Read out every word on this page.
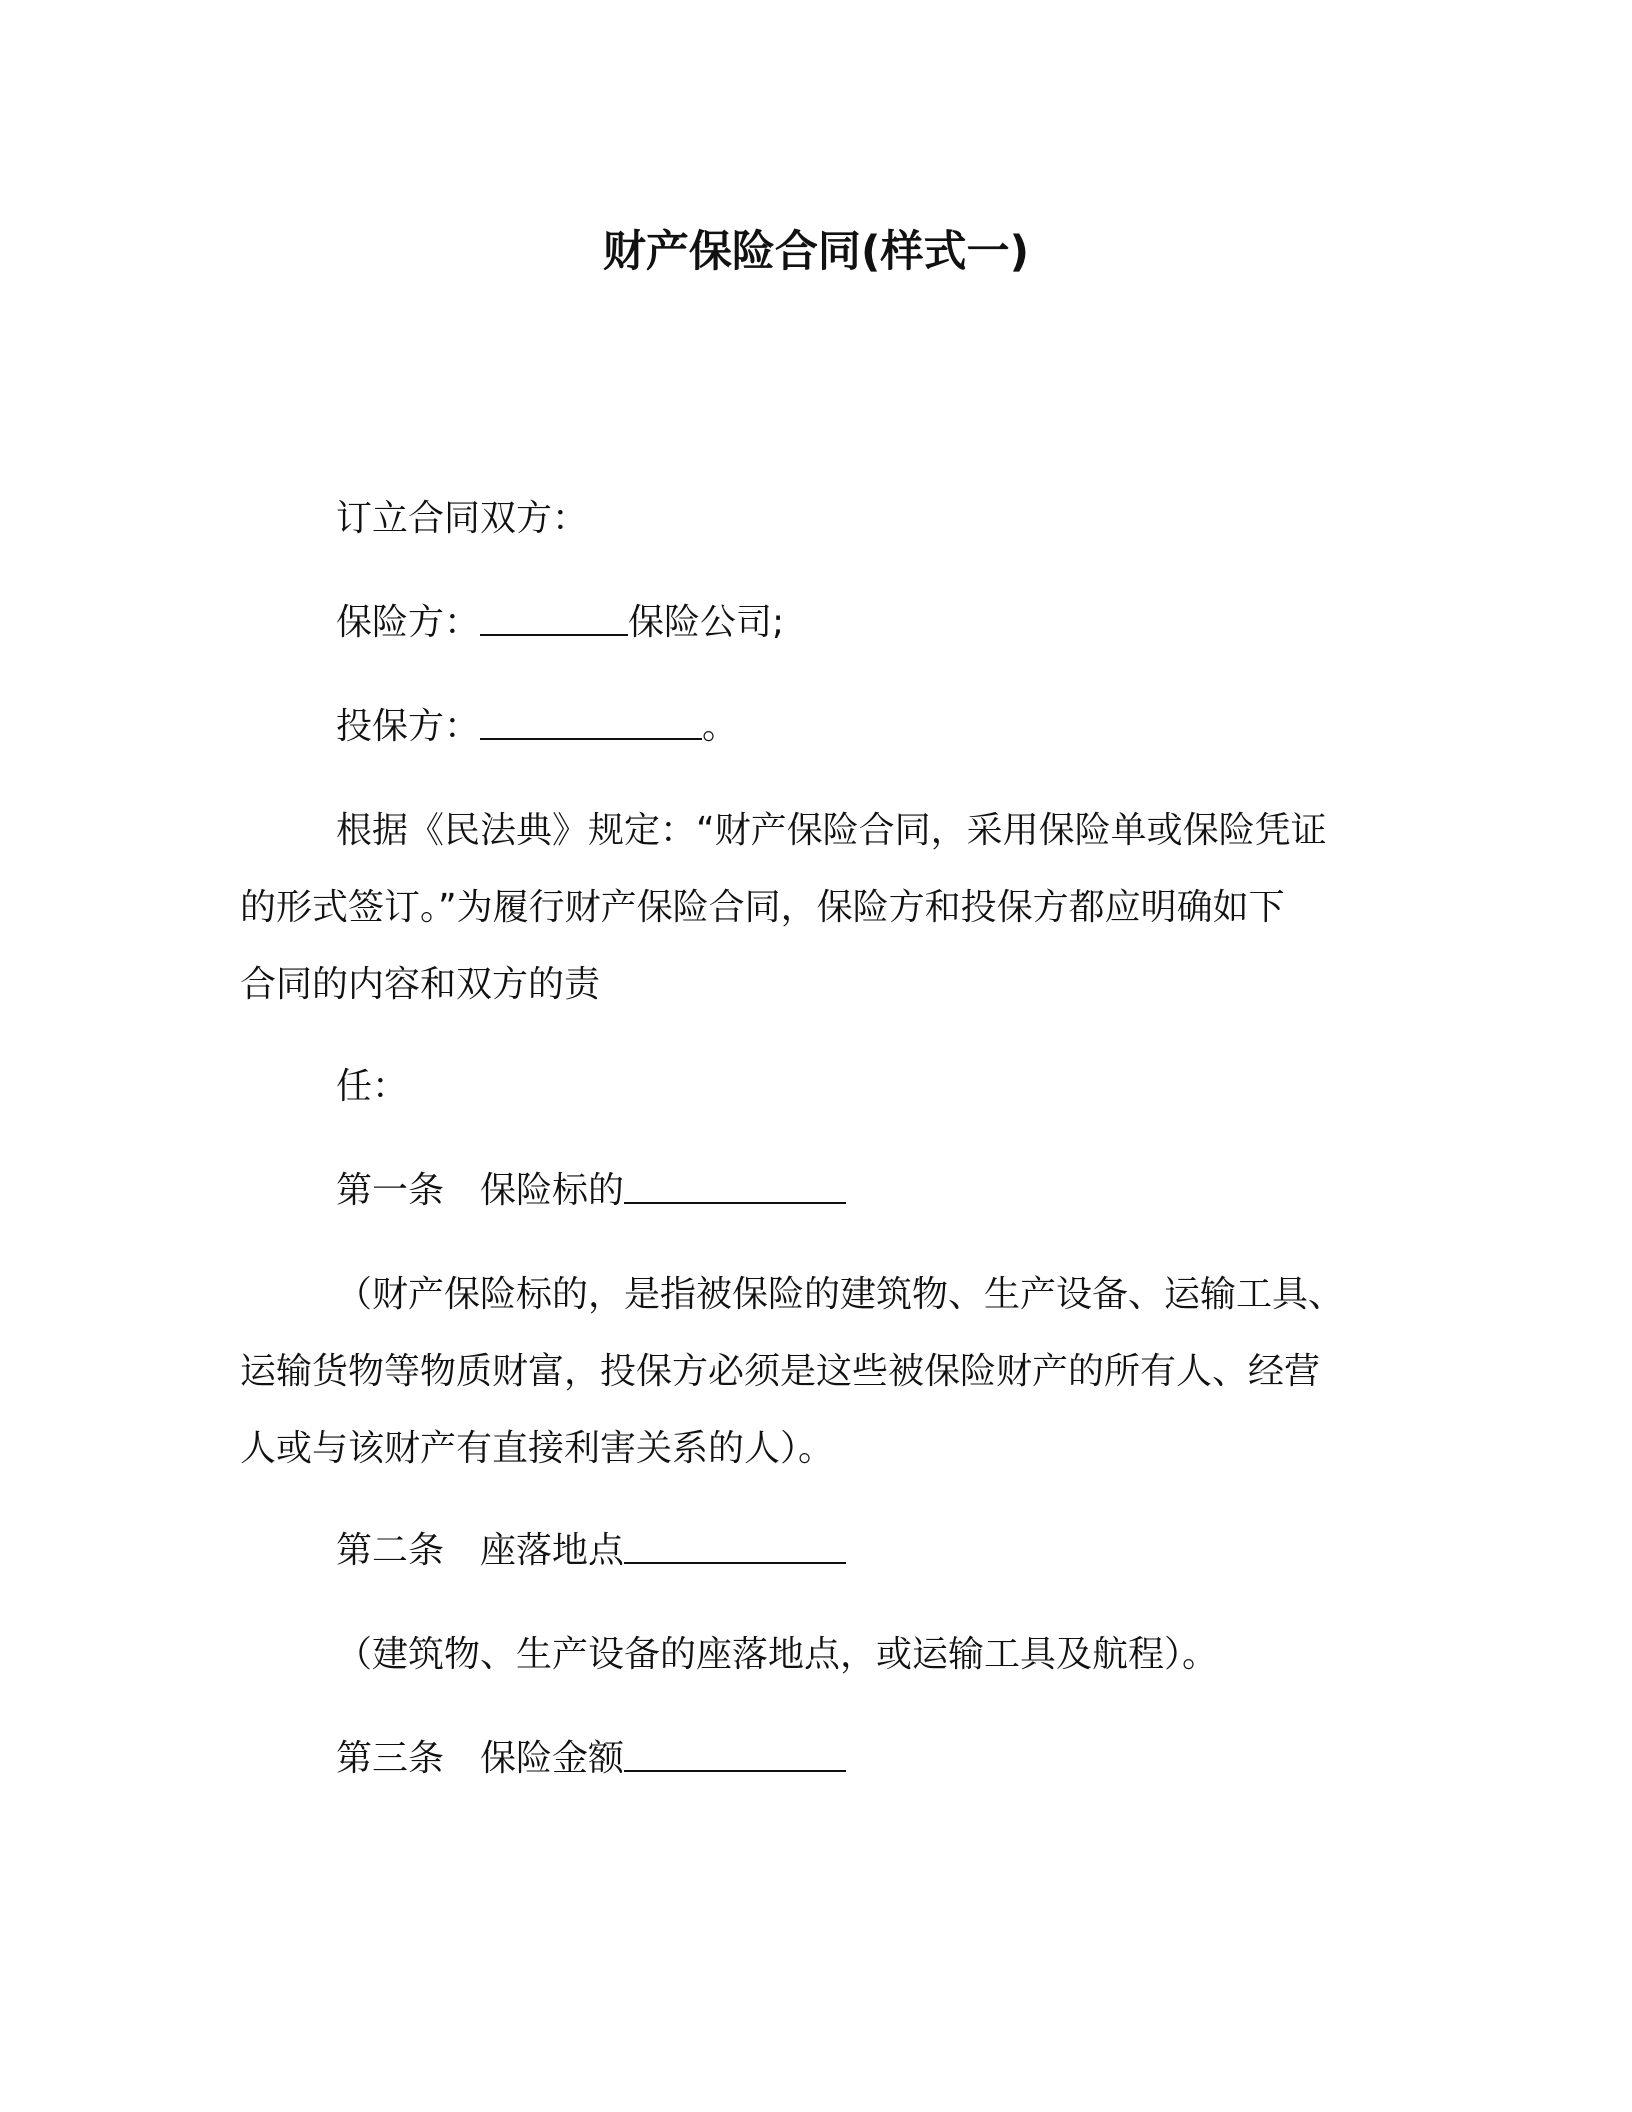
财产保险合同(样式一)
订立合同双方：
保险方：	保险公司;
投保方：	。
根据《民法典》规定：“财产保险合同，采用保险单或保险凭证
的形式签订。”为履行财产保险合同，保险方和投保方都应明确如下
合同的内容和双方的责
任：
第一条 保险标的
（财产保险标的，是指被保险的建筑物、生产设备、运输工具、
运输货物等物质财富，投保方必须是这些被保险财产的所有人、经营
人或与该财产有直接利害关系的人）。
第二条 座落地点
（建筑物、生产设备的座落地点，或运输工具及航程）。
第三条 保险金额
